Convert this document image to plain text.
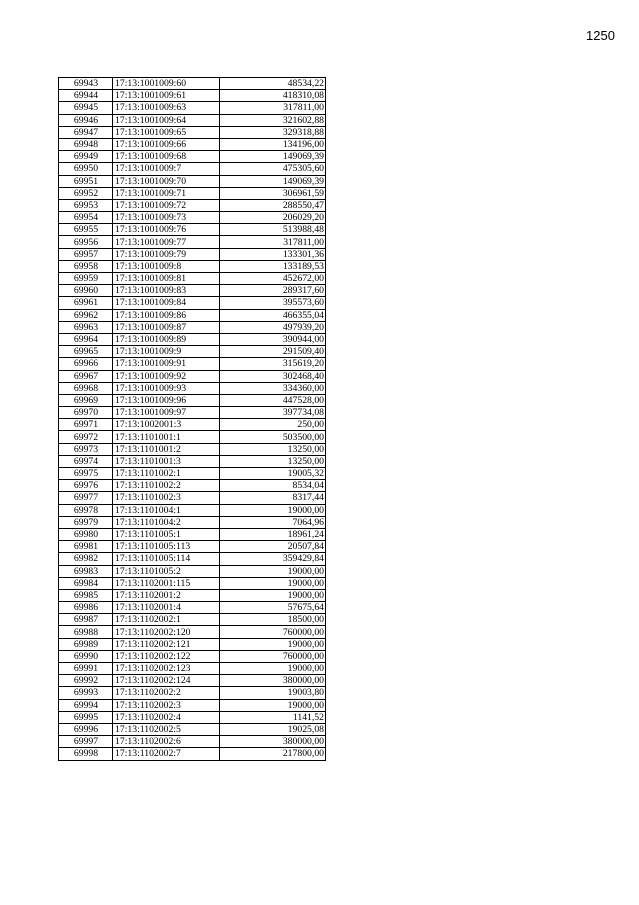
1250
69943	17:13:1001009:60	48534,22
69944	17:13:1001009:61	418310,08
69945	17:13:1001009:63	317811,00
69946	17:13:1001009:64	321602,88
69947	17:13:1001009:65	329318,88
69948	17:13:1001009:66	134196,00
69949	17:13:1001009:68	149069,39
69950	17:13:1001009:7	475305,60
69951	17:13:1001009:70	149069,39
69952	17:13:1001009:71	306961,59
69953	17:13:1001009:72	288550,47
69954	17:13:1001009:73	206029,20
69955	17:13:1001009:76	513988,48
69956	17:13:1001009:77	317811,00
69957	17:13:1001009:79	133301,36
69958	17:13:1001009:8	133189,53
69959	17:13:1001009:81	452672,00
69960	17:13:1001009:83	289317,60
69961	17:13:1001009:84	395573,60
69962	17:13:1001009:86	466355,04
69963	17:13:1001009:87	497939,20
69964	17:13:1001009:89	390944,00
69965	17:13:1001009:9	291509,40
69966	17:13:1001009:91	315619,20
69967	17:13:1001009:92	302468,40
69968	17:13:1001009:93	334360,00
69969	17:13:1001009:96	447528,00
69970	17:13:1001009:97	397734,08
69971	17:13:1002001:3	250,00
69972	17:13:1101001:1	503500,00
69973	17:13:1101001:2	13250,00
69974	17:13:1101001:3	13250,00
69975	17:13:1101002:1	19005,32
69976	17:13:1101002:2	8534,04
69977	17:13:1101002:3	8317,44
69978	17:13:1101004:1	19000,00
69979	17:13:1101004:2	7064,96
69980	17:13:1101005:1	18961,24
69981	17:13:1101005:113	20507,84
69982	17:13:1101005:114	359429,84
69983	17:13:1101005:2	19000,00
69984	17:13:1102001:115	19000,00
69985	17:13:1102001:2	19000,00
69986	17:13:1102001:4	57675,64
69987	17:13:1102002:1	18500,00
69988	17:13:1102002:120	760000,00
69989	17:13:1102002:121	19000,00
69990	17:13:1102002:122	760000,00
69991	17:13:1102002:123	19000,00
69992	17:13:1102002:124	380000,00
69993	17:13:1102002:2	19003,80
69994	17:13:1102002:3	19000,00
69995	17:13:1102002:4	1141,52
69996	17:13:1102002:5	19025,08
69997	17:13:1102002:6	380000,00
69998	17:13:1102002:7	217800,00
